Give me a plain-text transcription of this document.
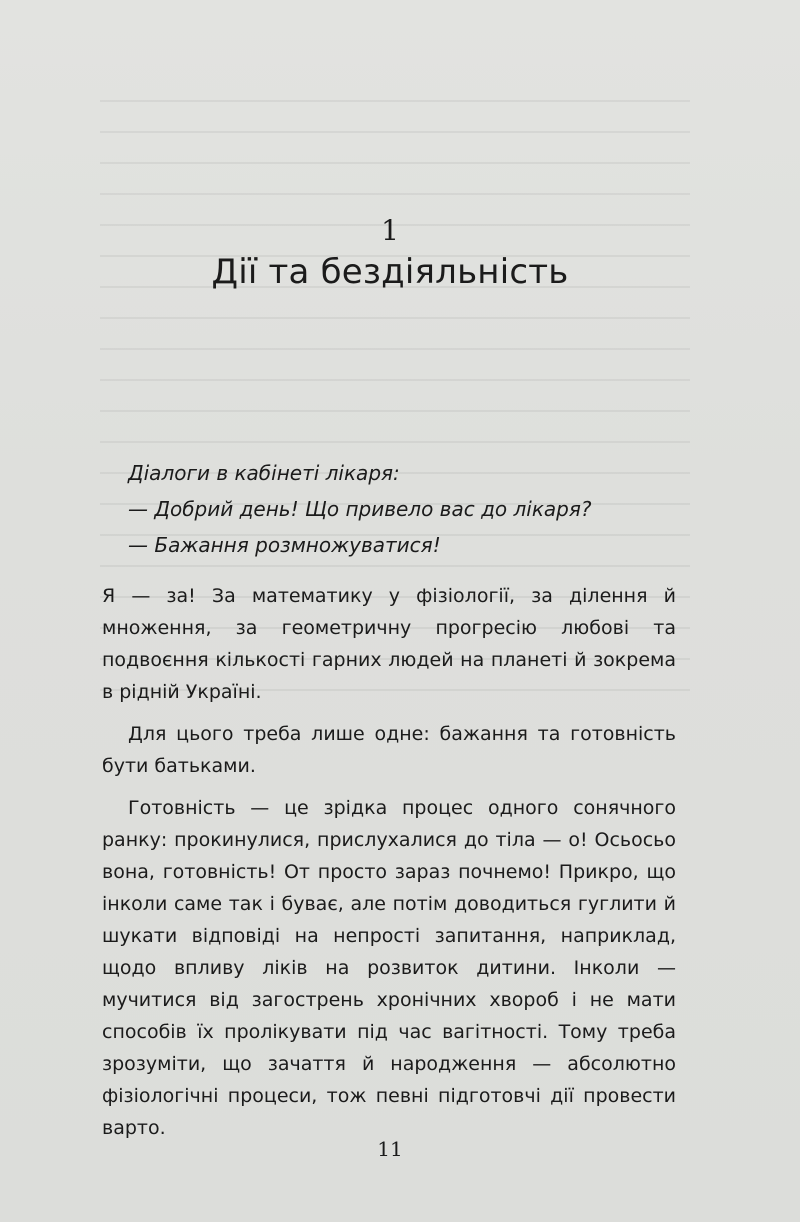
1
Дії та бездіяльність
Діалоги в кабінеті лікаря:
— Добрий день! Що привело вас до лікаря?
— Бажання розмножуватися!

Я — за! За математику у фізіології, за ділення й множення, за геометричну прогресію любові та подвоєння кількості гарних людей на планеті й зокрема в рідній Україні.

Для цього треба лише одне: бажання та готовність бути батьками.

Готовність — це зрідка процес одного сонячного ранку: прокинулися, прислухалися до тіла — о! Осьосьо вона, готовність! От просто зараз почнемо! Прикро, що інколи саме так і буває, але потім доводиться гуглити й шукати відповіді на непрості запитання, наприклад, щодо впливу ліків на розвиток дитини. Інколи — мучитися від загострень хронічних хвороб і не мати способів їх пролікувати під час вагітності. Тому треба зрозуміти, що зачаття й народження — абсолютно фізіологічні процеси, тож певні підготовчі дії провести варто.

11
